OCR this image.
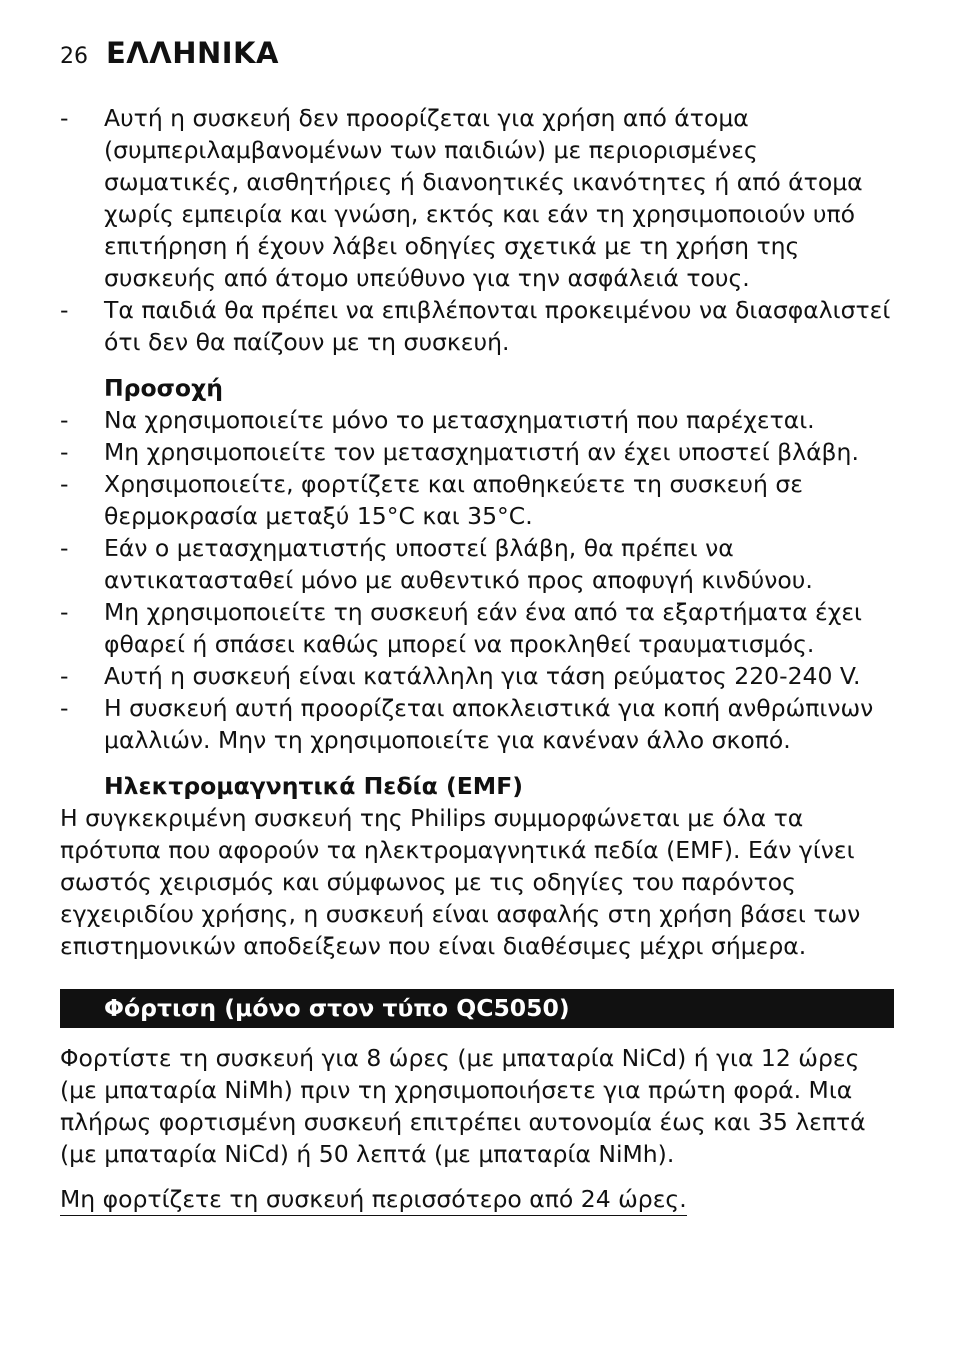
26 ΕΛΛΗΝΙΚΑ
- Αυτή η συσκευή δεν προορίζεται για χρήση από άτομα (συμπεριλαμβανομένων των παιδιών) με περιορισμένες σωματικές, αισθητήριες ή διανοητικές ικανότητες ή από άτομα χωρίς εμπειρία και γνώση, εκτός και εάν τη χρησιμοποιούν υπό επιτήρηση ή έχουν λάβει οδηγίες σχετικά με τη χρήση της συσκευής από άτομο υπεύθυνο για την ασφάλειά τους.
- Τα παιδιά θα πρέπει να επιβλέπονται προκειμένου να διασφαλιστεί ότι δεν θα παίζουν με τη συσκευή.
Προσοχή
- Να χρησιμοποιείτε μόνο το μετασχηματιστή που παρέχεται.
- Μη χρησιμοποιείτε τον μετασχηματιστή αν έχει υποστεί βλάβη.
- Χρησιμοποιείτε, φορτίζετε και αποθηκεύετε τη συσκευή σε θερμοκρασία μεταξύ 15°C και 35°C.
- Εάν ο μετασχηματιστής υποστεί βλάβη, θα πρέπει να αντικατασταθεί μόνο με αυθεντικό προς αποφυγή κινδύνου.
- Μη χρησιμοποιείτε τη συσκευή εάν ένα από τα εξαρτήματα έχει φθαρεί ή σπάσει καθώς μπορεί να προκληθεί τραυματισμός.
- Αυτή η συσκευή είναι κατάλληλη για τάση ρεύματος 220-240 V.
- Η συσκευή αυτή προορίζεται αποκλειστικά για κοπή ανθρώπινων μαλλιών. Μην τη χρησιμοποιείτε για κανέναν άλλο σκοπό.
Ηλεκτρομαγνητικά Πεδία (EMF)

Η συγκεκριμένη συσκευή της Philips συμμορφώνεται με όλα τα πρότυπα που αφορούν τα ηλεκτρομαγνητικά πεδία (EMF). Εάν γίνει σωστός χειρισμός και σύμφωνος με τις οδηγίες του παρόντος εγχειριδίου χρήσης, η συσκευή είναι ασφαλής στη χρήση βάσει των επιστημονικών αποδείξεων που είναι διαθέσιμες μέχρι σήμερα.

Φόρτιση (μόνο στον τύπο QC5050)

Φορτίστε τη συσκευή για 8 ώρες (με μπαταρία NiCd) ή για 12 ώρες (με μπαταρία NiMh) πριν τη χρησιμοποιήσετε για πρώτη φορά. Μια πλήρως φορτισμένη συσκευή επιτρέπει αυτονομία έως και 35 λεπτά (με μπαταρία NiCd) ή 50 λεπτά (με μπαταρία NiMh).

Μη φορτίζετε τη συσκευή περισσότερο από 24 ώρες.
